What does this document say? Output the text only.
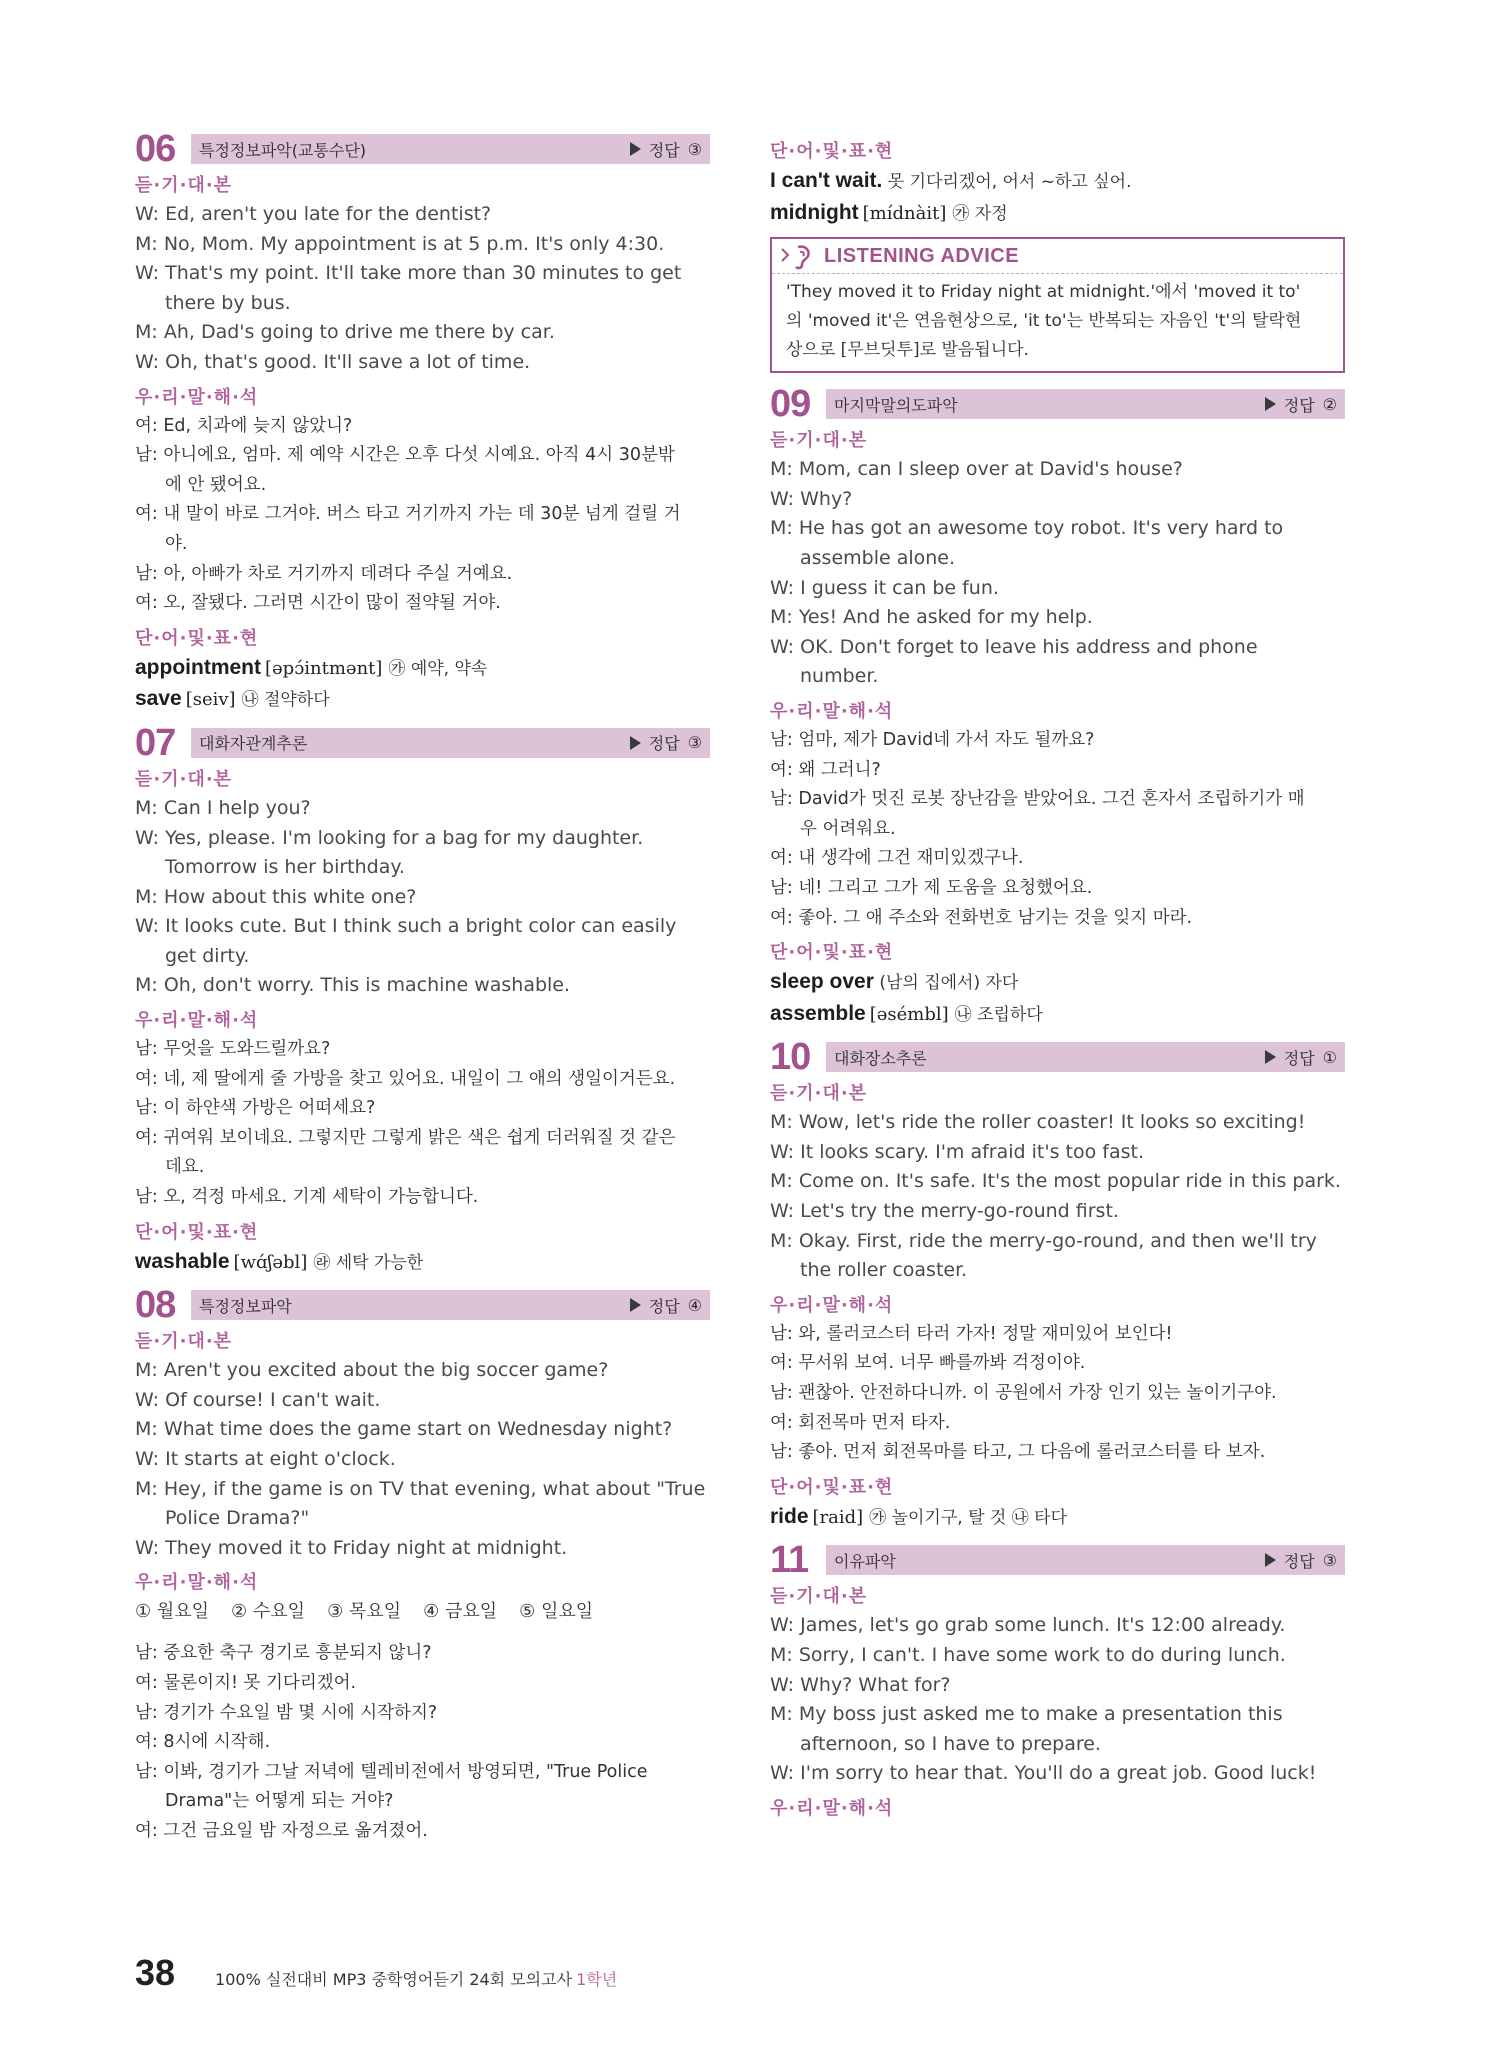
06	특정정보파악(교통수단)	정답 ③
듣·기·대·본
W: Ed, aren't you late for the dentist?
M: No, Mom. My appointment is at 5 p.m. It's only 4:30.
W: That's my point. It'll take more than 30 minutes to get
there by bus.
M: Ah, Dad's going to drive me there by car.
W: Oh, that's good. It'll save a lot of time.
우·리·말·해·석
여: Ed, 치과에 늦지 않았니?
남: 아니에요, 엄마. 제 예약 시간은 오후 다섯 시예요. 아직 4시 30분밖
에 안 됐어요.
여: 내 말이 바로 그거야. 버스 타고 거기까지 가는 데 30분 넘게 걸릴 거
야.
남: 아, 아빠가 차로 거기까지 데려다 주실 거예요.
여: 오, 잘됐다. 그러면 시간이 많이 절약될 거야.
단·어·및·표·현
appointment [əpɔ́intmənt] ㉮ 예약, 약속
save [seiv] ㉯ 절약하다
07	대화자관계추론	정답 ③
듣·기·대·본
M: Can I help you?
W: Yes, please. I'm looking for a bag for my daughter.
Tomorrow is her birthday.
M: How about this white one?
W: It looks cute. But I think such a bright color can easily
get dirty.
M: Oh, don't worry. This is machine washable.
우·리·말·해·석
남: 무엇을 도와드릴까요?
여: 네, 제 딸에게 줄 가방을 찾고 있어요. 내일이 그 애의 생일이거든요.
남: 이 하얀색 가방은 어떠세요?
여: 귀여워 보이네요. 그렇지만 그렇게 밝은 색은 쉽게 더러워질 것 같은
데요.
남: 오, 걱정 마세요. 기계 세탁이 가능합니다.
단·어·및·표·현
washable [wɑ́ʃəbl] ㉱ 세탁 가능한
08	특정정보파악	정답 ④
듣·기·대·본
M: Aren't you excited about the big soccer game?
W: Of course! I can't wait.
M: What time does the game start on Wednesday night?
W: It starts at eight o'clock.
M: Hey, if the game is on TV that evening, what about "True
Police Drama?"
W: They moved it to Friday night at midnight.
우·리·말·해·석
① 월요일 ② 수요일 ③ 목요일 ④ 금요일 ⑤ 일요일
남: 중요한 축구 경기로 흥분되지 않니?
여: 물론이지! 못 기다리겠어.
남: 경기가 수요일 밤 몇 시에 시작하지?
여: 8시에 시작해.
남: 이봐, 경기가 그날 저녁에 텔레비전에서 방영되면, "True Police
Drama"는 어떻게 되는 거야?
여: 그건 금요일 밤 자정으로 옮겨졌어.
단·어·및·표·현
I can't wait. 못 기다리겠어, 어서 ~하고 싶어.
midnight [mídnàit] ㉮ 자정
LISTENING ADVICE
'They moved it to Friday night at midnight.'에서 'moved it to'
의 'moved it'은 연음현상으로, 'it to'는 반복되는 자음인 't'의 탈락현
상으로 [무브딧투]로 발음됩니다.
09	마지막말의도파악	정답 ②
듣·기·대·본
M: Mom, can I sleep over at David's house?
W: Why?
M: He has got an awesome toy robot. It's very hard to
assemble alone.
W: I guess it can be fun.
M: Yes! And he asked for my help.
W: OK. Don't forget to leave his address and phone
number.
우·리·말·해·석
남: 엄마, 제가 David네 가서 자도 될까요?
여: 왜 그러니?
남: David가 멋진 로봇 장난감을 받았어요. 그건 혼자서 조립하기가 매
우 어려워요.
여: 내 생각에 그건 재미있겠구나.
남: 네! 그리고 그가 제 도움을 요청했어요.
여: 좋아. 그 애 주소와 전화번호 남기는 것을 잊지 마라.
단·어·및·표·현
sleep over (남의 집에서) 자다
assemble [əsémbl] ㉯ 조립하다
10	대화장소추론	정답 ①
듣·기·대·본
M: Wow, let's ride the roller coaster! It looks so exciting!
W: It looks scary. I'm afraid it's too fast.
M: Come on. It's safe. It's the most popular ride in this park.
W: Let's try the merry-go-round first.
M: Okay. First, ride the merry-go-round, and then we'll try
the roller coaster.
우·리·말·해·석
남: 와, 롤러코스터 타러 가자! 정말 재미있어 보인다!
여: 무서워 보여. 너무 빠를까봐 걱정이야.
남: 괜찮아. 안전하다니까. 이 공원에서 가장 인기 있는 놀이기구야.
여: 회전목마 먼저 타자.
남: 좋아. 먼저 회전목마를 타고, 그 다음에 롤러코스터를 타 보자.
단·어·및·표·현
ride [raid] ㉮ 놀이기구, 탈 것 ㉯ 타다
11	이유파악	정답 ③
듣·기·대·본
W: James, let's go grab some lunch. It's 12:00 already.
M: Sorry, I can't. I have some work to do during lunch.
W: Why? What for?
M: My boss just asked me to make a presentation this
afternoon, so I have to prepare.
W: I'm sorry to hear that. You'll do a great job. Good luck!
우·리·말·해·석
38	100% 실전대비 MP3 중학영어듣기 24회 모의고사 1학년
